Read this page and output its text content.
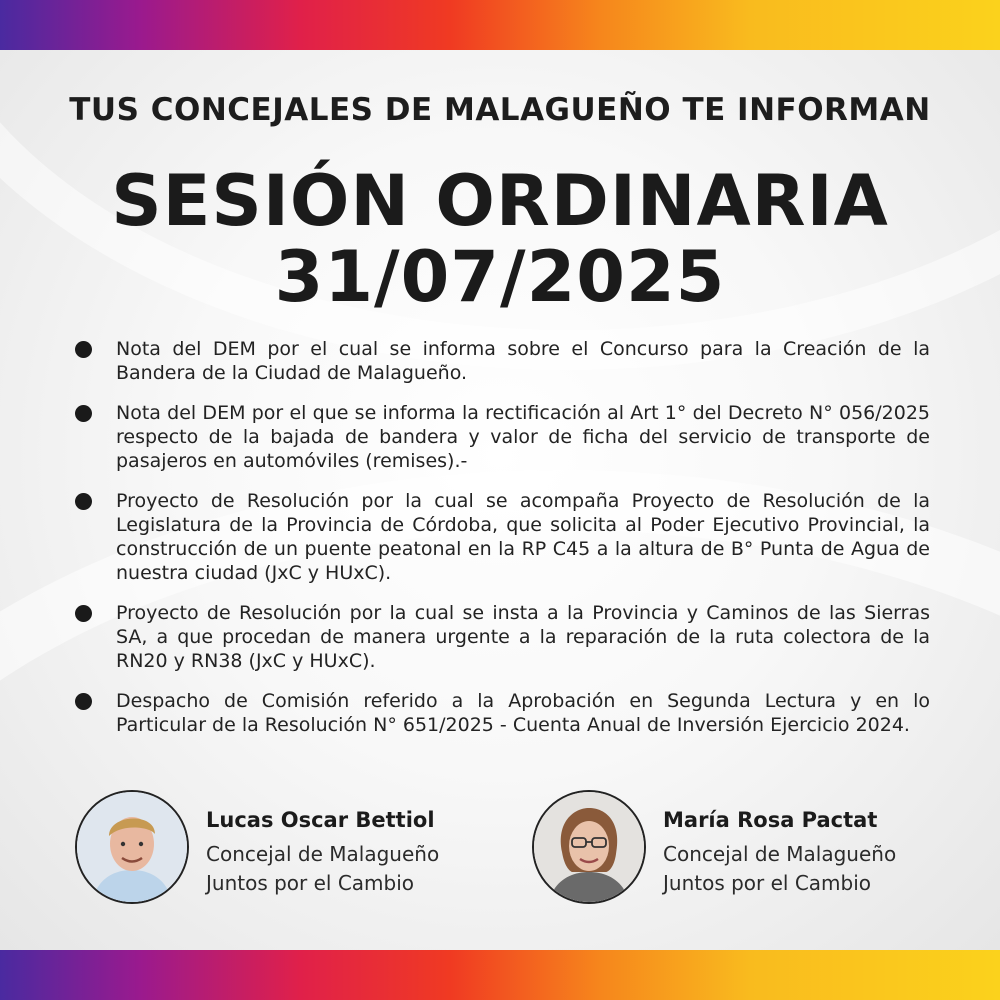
TUS CONCEJALES DE MALAGUEÑO TE INFORMAN
SESIÓN ORDINARIA
31/07/2025
Nota del DEM por el cual se informa sobre el Concurso para la Creación de la Bandera de la Ciudad de Malagueño.
Nota del DEM por el que se informa la rectificación al Art 1° del Decreto N° 056/2025 respecto de la bajada de bandera y valor de ficha del servicio de transporte de pasajeros en automóviles (remises).-
Proyecto de Resolución por la cual se acompaña Proyecto de Resolución de la Legislatura de la Provincia de Córdoba, que solicita al Poder Ejecutivo Provincial, la construcción de un puente peatonal en la RP C45 a la altura de B° Punta de Agua de nuestra ciudad (JxC y HUxC).
Proyecto de Resolución por la cual se insta a la Provincia y Caminos de las Sierras SA, a que procedan de manera urgente a la reparación de la ruta colectora de la RN20 y RN38 (JxC y HUxC).
Despacho de Comisión referido a la Aprobación en Segunda Lectura y en lo Particular de la Resolución N° 651/2025 - Cuenta Anual de Inversión Ejercicio 2024.
Lucas Oscar Bettiol
Concejal de Malagueño
Juntos por el Cambio
María Rosa Pactat
Concejal de Malagueño
Juntos por el Cambio
